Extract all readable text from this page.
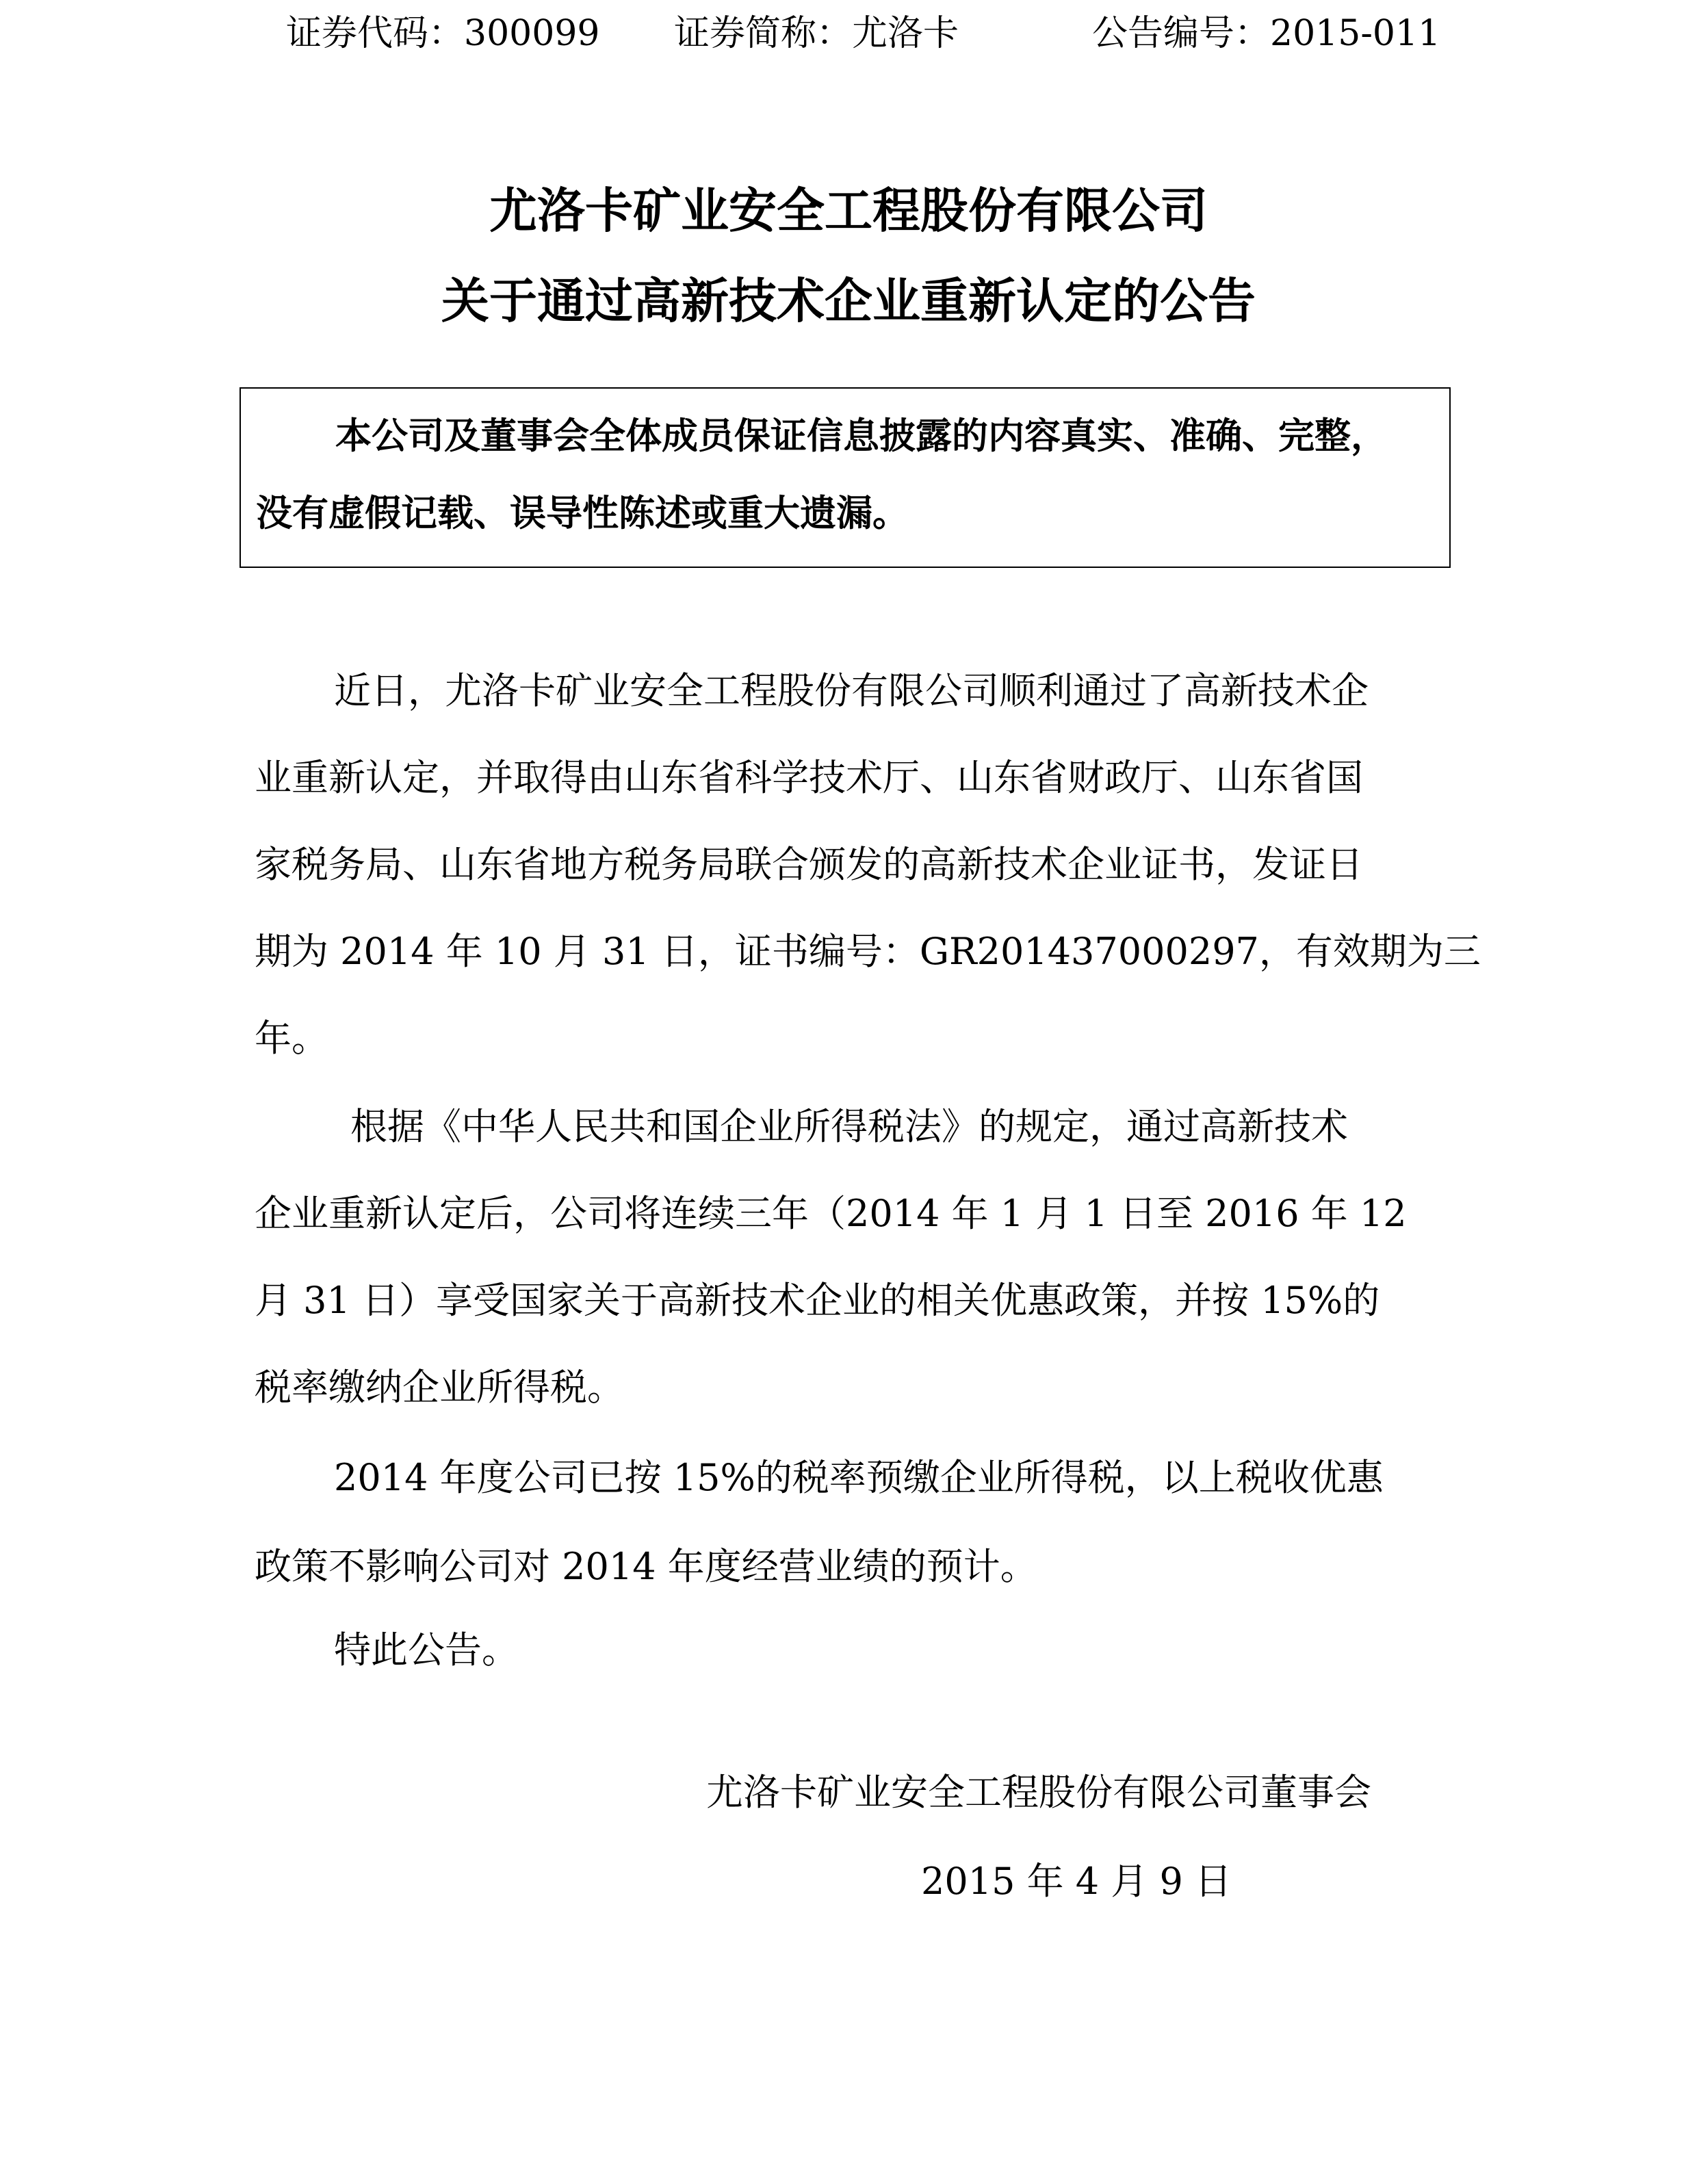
证券代码：300099 证券简称：尤洛卡	公告编号：2015-011
尤洛卡矿业安全工程股份有限公司
关于通过高新技术企业重新认定的公告
本公司及董事会全体成员保证信息披露的内容真实、准确、完整，
没有虚假记载、误导性陈述或重大遗漏。
近日，尤洛卡矿业安全工程股份有限公司顺利通过了高新技术企
业重新认定，并取得由山东省科学技术厅、山东省财政厅、山东省国
家税务局、山东省地方税务局联合颁发的高新技术企业证书，发证日
期为 2014 年 10 月 31 日，证书编号：GR201437000297，有效期为三
年。
根据《中华人民共和国企业所得税法》的规定，通过高新技术
企业重新认定后，公司将连续三年（2014 年 1 月 1 日至 2016 年 12
月 31 日）享受国家关于高新技术企业的相关优惠政策，并按 15%的
税率缴纳企业所得税。
2014 年度公司已按 15%的税率预缴企业所得税，以上税收优惠
政策不影响公司对 2014 年度经营业绩的预计。
特此公告。
尤洛卡矿业安全工程股份有限公司董事会
2015 年 4 月 9 日
